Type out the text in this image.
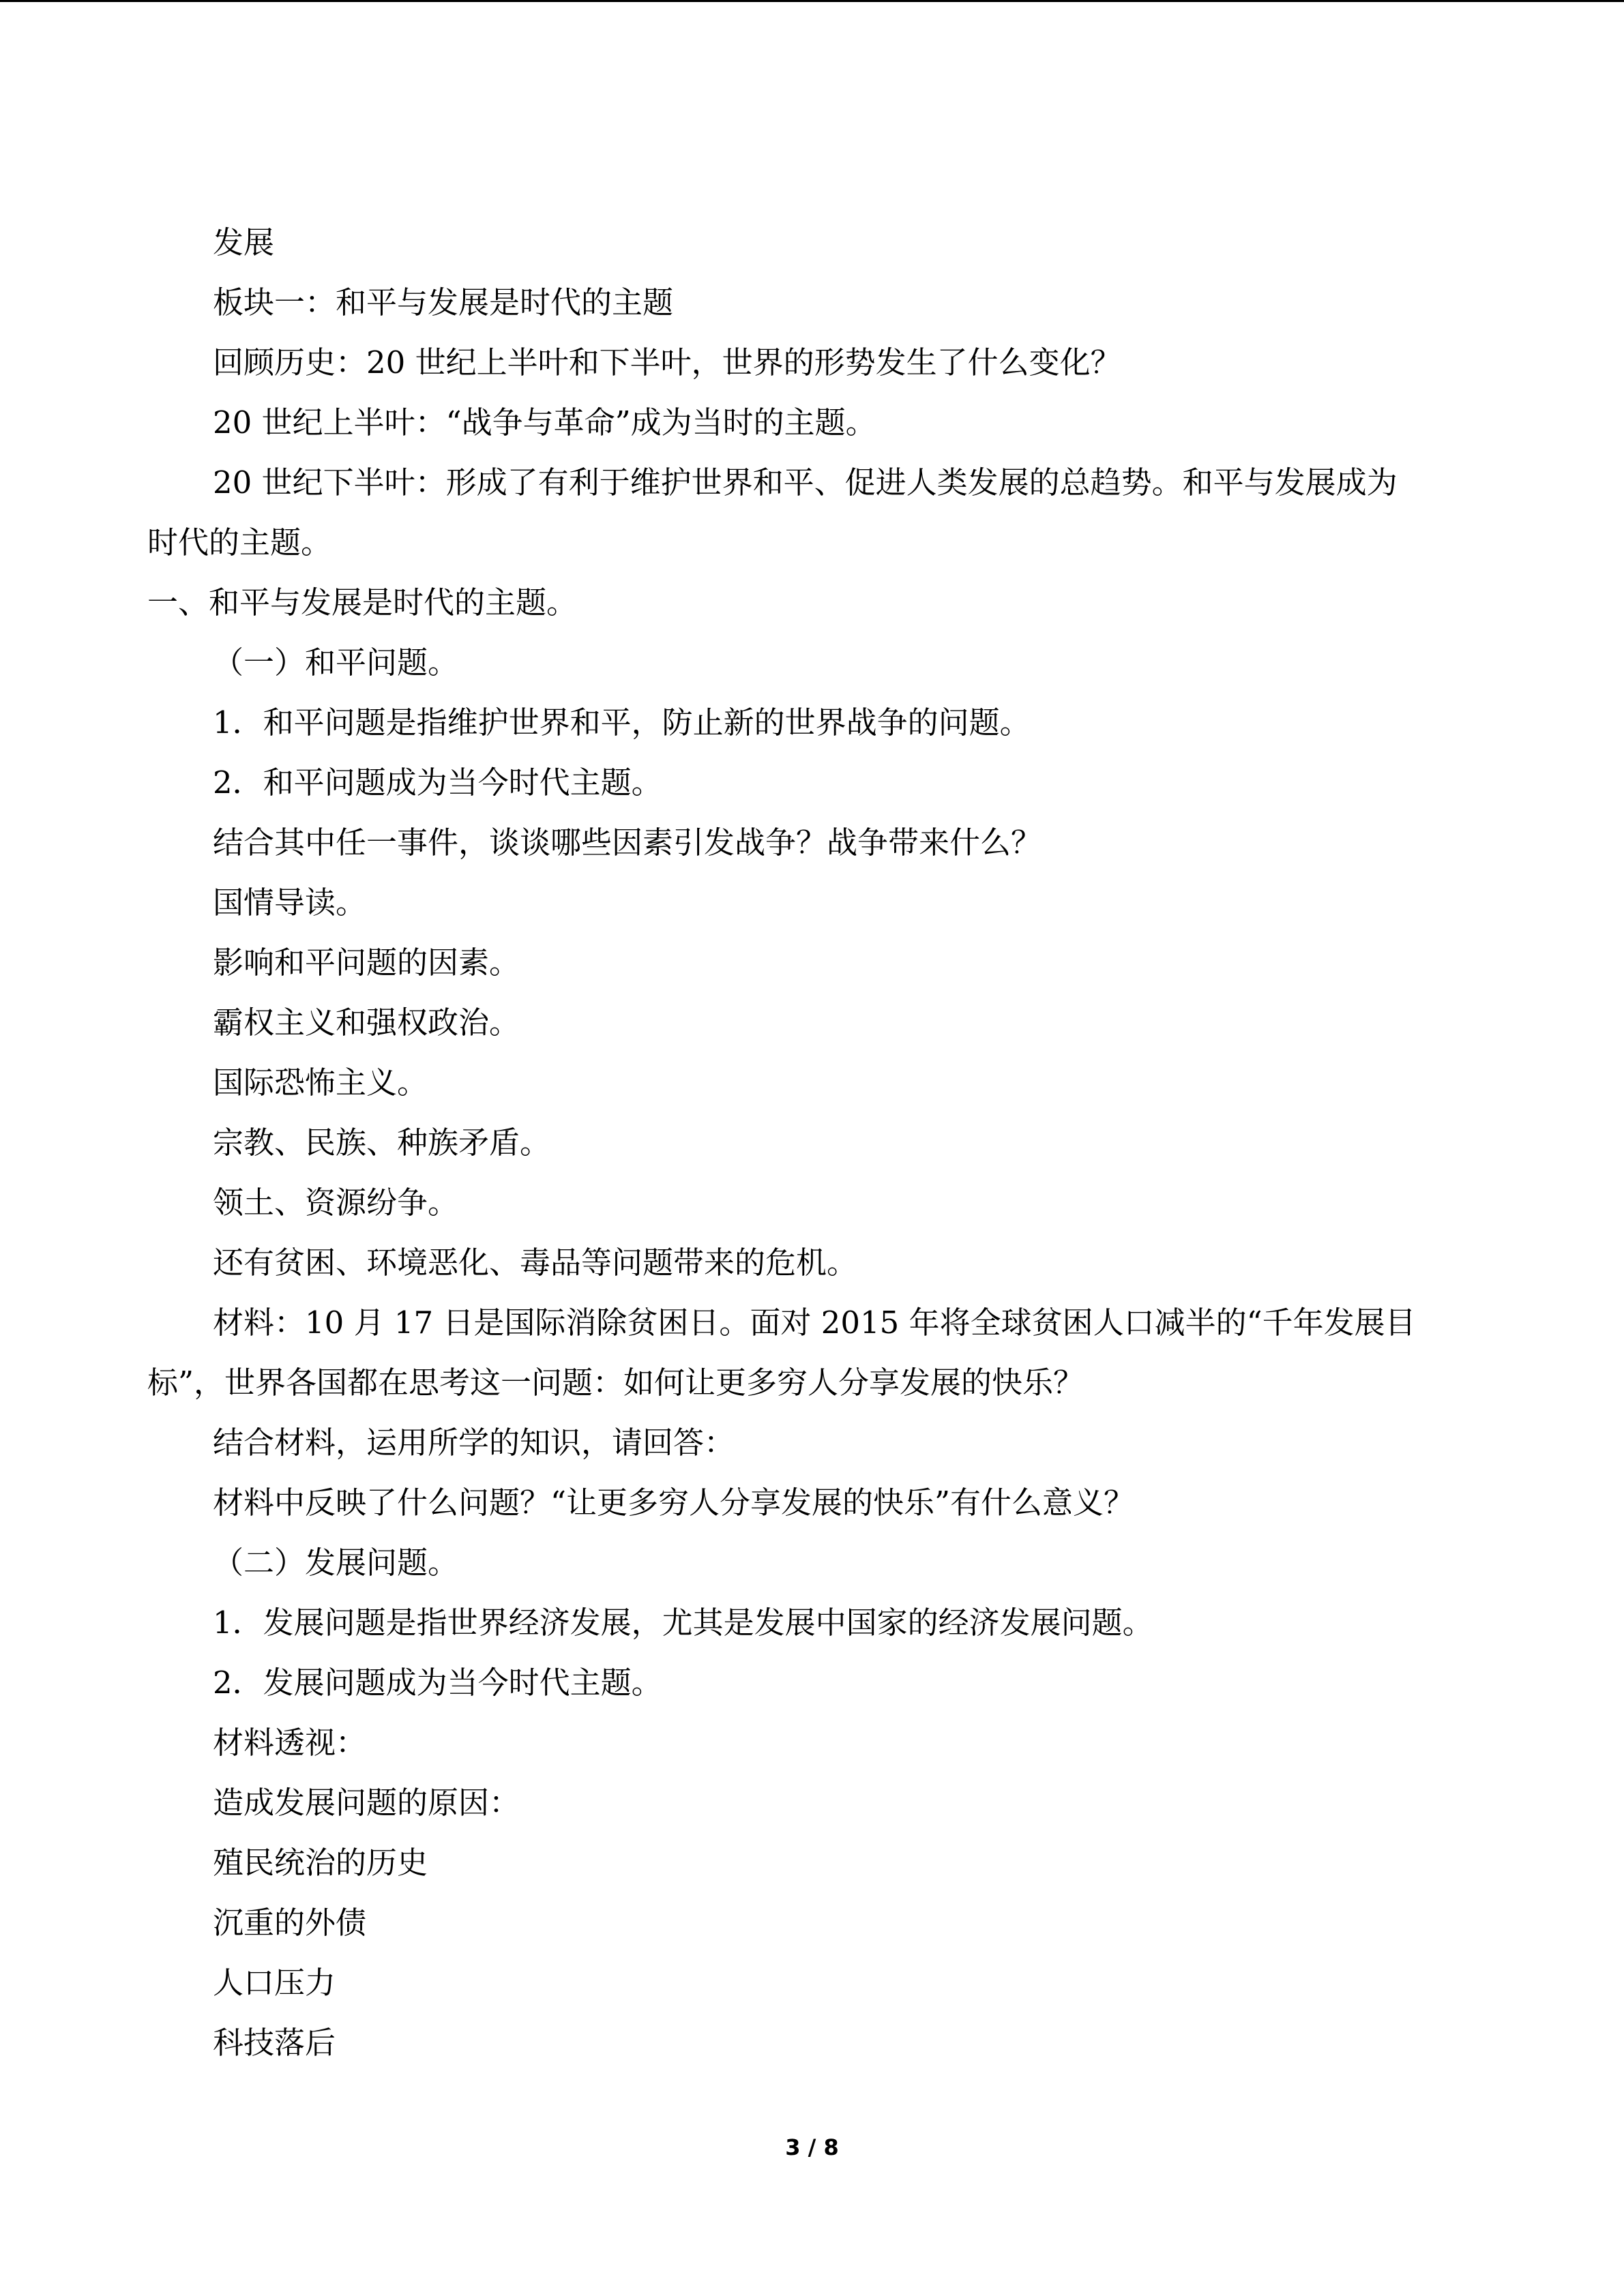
发展
板块一：和平与发展是时代的主题
回顾历史：20 世纪上半叶和下半叶，世界的形势发生了什么变化？
20 世纪上半叶：“战争与革命”成为当时的主题。
20 世纪下半叶：形成了有利于维护世界和平、促进人类发展的总趋势。和平与发展成为
时代的主题。
一、和平与发展是时代的主题。
（一）和平问题。
1．和平问题是指维护世界和平，防止新的世界战争的问题。
2．和平问题成为当今时代主题。
结合其中任一事件，谈谈哪些因素引发战争？战争带来什么？
国情导读。
影响和平问题的因素。
霸权主义和强权政治。
国际恐怖主义。
宗教、民族、种族矛盾。
领土、资源纷争。
还有贫困、环境恶化、毒品等问题带来的危机。
材料：10 月 17 日是国际消除贫困日。面对 2015 年将全球贫困人口减半的“千年发展目
标”，世界各国都在思考这一问题：如何让更多穷人分享发展的快乐？
结合材料，运用所学的知识，请回答：
材料中反映了什么问题？“让更多穷人分享发展的快乐”有什么意义？
（二）发展问题。
1．发展问题是指世界经济发展，尤其是发展中国家的经济发展问题。
2．发展问题成为当今时代主题。
材料透视：
造成发展问题的原因：
殖民统治的历史
沉重的外债
人口压力
科技落后
3 / 8
